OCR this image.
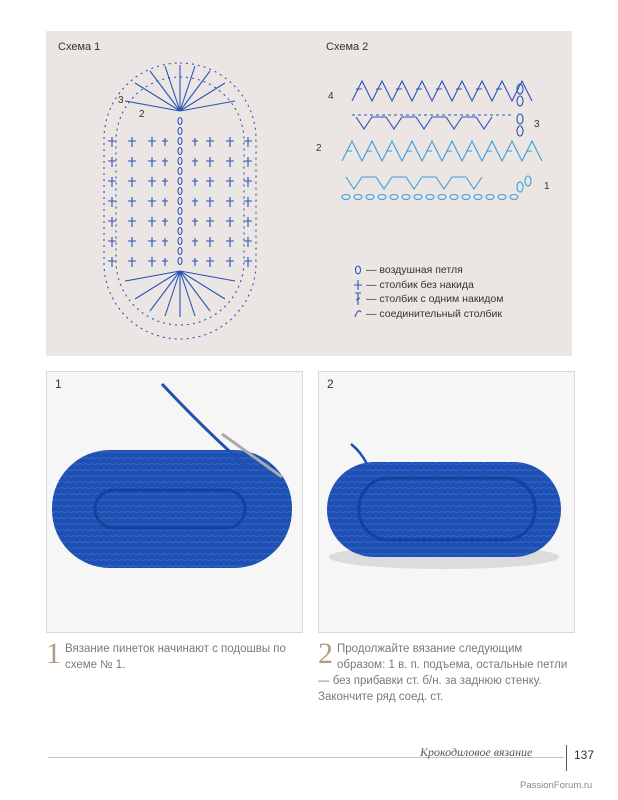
Схема 1	Схема 2
3
2
4
3
2
1
— воздушная петля
— столбик без накида
— столбик с одним накидом
— соединительный столбик
1	2
1 Вязание пинеток начинают с подошвы по схеме № 1.	2 Продолжайте вязание следующим образом: 1 в. п. подъема, остальные петли — без прибавки ст. б/н. за заднюю стенку. Закончите ряд соед. ст.
Крокодиловое вязание	137
PassionForum.ru
